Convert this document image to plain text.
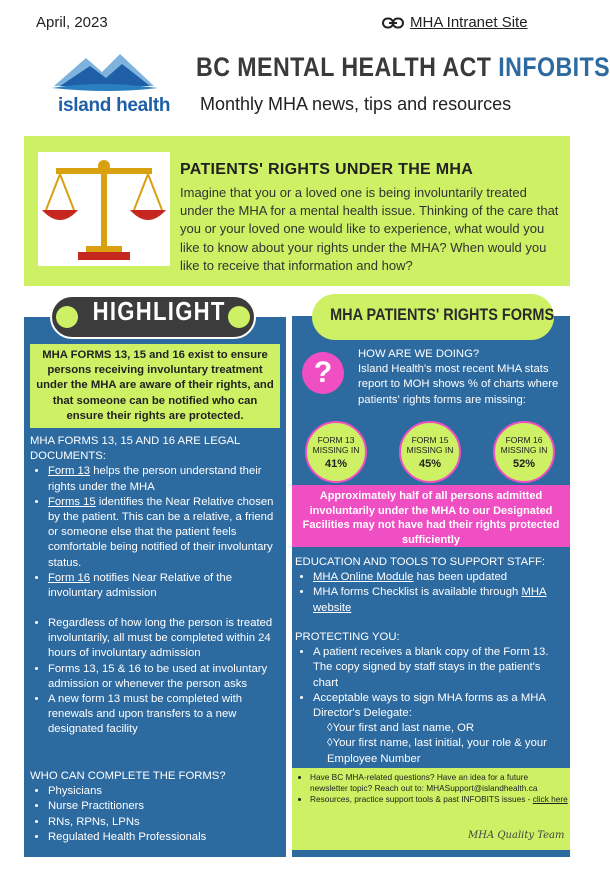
April, 2023	MHA Intranet Site
island health
BC MENTAL HEALTH ACT INFOBITS
Monthly MHA news, tips and resources
PATIENTS' RIGHTS UNDER THE MHA
Imagine that you or a loved one is being involuntarily treated under the MHA for a mental health issue. Thinking of the care that you or your loved one would like to experience, what would you like to know about your rights under the MHA? When would you like to receive that information and how?
HIGHLIGHT	MHA PATIENTS' RIGHTS FORMS
MHA FORMS 13, 15 and 16 exist to ensure persons receiving involuntary treatment under the MHA are aware of their rights, and that someone can be notified who can ensure their rights are protected.
MHA FORMS 13, 15 AND 16 ARE LEGAL DOCUMENTS:
• Form 13 helps the person understand their rights under the MHA
• Forms 15 identifies the Near Relative chosen by the patient. This can be a relative, a friend or someone else that the patient feels comfortable being notified of their involuntary status.
• Form 16 notifies Near Relative of the involuntary admission
• Regardless of how long the person is treated involuntarily, all must be completed within 24 hours of involuntary admission
• Forms 13, 15 & 16 to be used at involuntary admission or whenever the person asks
• A new form 13 must be completed with renewals and upon transfers to a new designated facility
WHO CAN COMPLETE THE FORMS?
• Physicians
• Nurse Practitioners
• RNs, RPNs, LPNs
• Regulated Health Professionals
?
HOW ARE WE DOING?
Island Health's most recent MHA stats report to MOH shows % of charts where patients' rights forms are missing:
FORM 13 MISSING IN
41%
FORM 15 MISSING IN
45%
FORM 16 MISSING IN
52%
Approximately half of all persons admitted involuntarily under the MHA to our Designated Facilities may not have had their rights protected sufficiently
EDUCATION AND TOOLS TO SUPPORT STAFF:
• MHA Online Module has been updated
• MHA forms Checklist is available through MHA website
PROTECTING YOU:
• A patient receives a blank copy of the Form 13. The copy signed by staff stays in the patient's chart
• Acceptable ways to sign MHA forms as a MHA Director's Delegate:
◊Your first and last name, OR
◊Your first name, last initial, your role & your Employee Number
• Have BC MHA-related questions? Have an idea for a future newsletter topic? Reach out to: MHASupport@islandhealth.ca
• Resources, practice support tools & past INFOBITS issues - click here
MHA Quality Team
